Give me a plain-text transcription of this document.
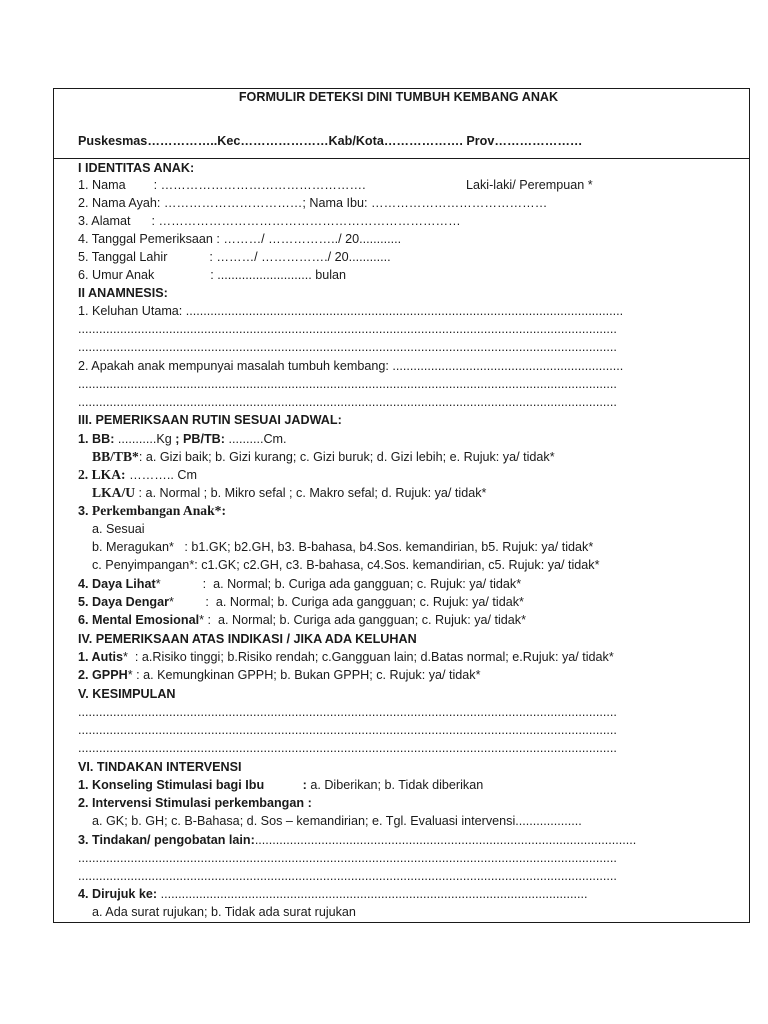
FORMULIR DETEKSI DINI TUMBUH KEMBANG ANAK
Puskesmas……………..Kec…………………Kab/Kota………………. Prov…………………
I IDENTITAS ANAK:
1. Nama        : ………………………………………….	Laki-laki/ Perempuan *
2. Nama Ayah: ……………………………; Nama Ibu: ……………………………………
3. Alamat      : ………………………………………………………………
4. Tanggal Pemeriksaan : ………/ ……………../ 20............
5. Tanggal Lahir            : ………/ ……………./ 20............
6. Umur Anak                : ........................... bulan
II ANAMNESIS:
1. Keluhan Utama: .............................................................................................................................
..........................................................................................................................................................
..........................................................................................................................................................
2. Apakah anak mempunyai masalah tumbuh kembang: ..................................................................
..........................................................................................................................................................
..........................................................................................................................................................
III. PEMERIKSAAN RUTIN SESUAI JADWAL:
1. BB: ...........Kg ; PB/TB: ..........Cm.
BB/TB*: a. Gizi baik; b. Gizi kurang; c. Gizi buruk; d. Gizi lebih; e. Rujuk: ya/ tidak*
2. LKA: ……….. Cm
LKA/U : a. Normal ; b. Mikro sefal ; c. Makro sefal; d. Rujuk: ya/ tidak*
3. Perkembangan Anak*:
a. Sesuai
b. Meragukan*   : b1.GK; b2.GH, b3. B-bahasa, b4.Sos. kemandirian, b5. Rujuk: ya/ tidak*
c. Penyimpangan*: c1.GK; c2.GH, c3. B-bahasa, c4.Sos. kemandirian, c5. Rujuk: ya/ tidak*
4. Daya Lihat*            :  a. Normal; b. Curiga ada gangguan; c. Rujuk: ya/ tidak*
5. Daya Dengar*         :  a. Normal; b. Curiga ada gangguan; c. Rujuk: ya/ tidak*
6. Mental Emosional* :  a. Normal; b. Curiga ada gangguan; c. Rujuk: ya/ tidak*
IV. PEMERIKSAAN ATAS INDIKASI / JIKA ADA KELUHAN
1. Autis*  : a.Risiko tinggi; b.Risiko rendah; c.Gangguan lain; d.Batas normal; e.Rujuk: ya/ tidak*
2. GPPH* : a. Kemungkinan GPPH; b. Bukan GPPH; c. Rujuk: ya/ tidak*
V. KESIMPULAN
..........................................................................................................................................................
..........................................................................................................................................................
..........................................................................................................................................................
VI. TINDAKAN INTERVENSI
1. Konseling Stimulasi bagi Ibu           : a. Diberikan; b. Tidak diberikan
2. Intervensi Stimulasi perkembangan :
a. GK; b. GH; c. B-Bahasa; d. Sos – kemandirian; e. Tgl. Evaluasi intervensi...................
3. Tindakan/ pengobatan lain:.............................................................................................................
..........................................................................................................................................................
..........................................................................................................................................................
4. Dirujuk ke: ..........................................................................................................................
a. Ada surat rujukan; b. Tidak ada surat rujukan
